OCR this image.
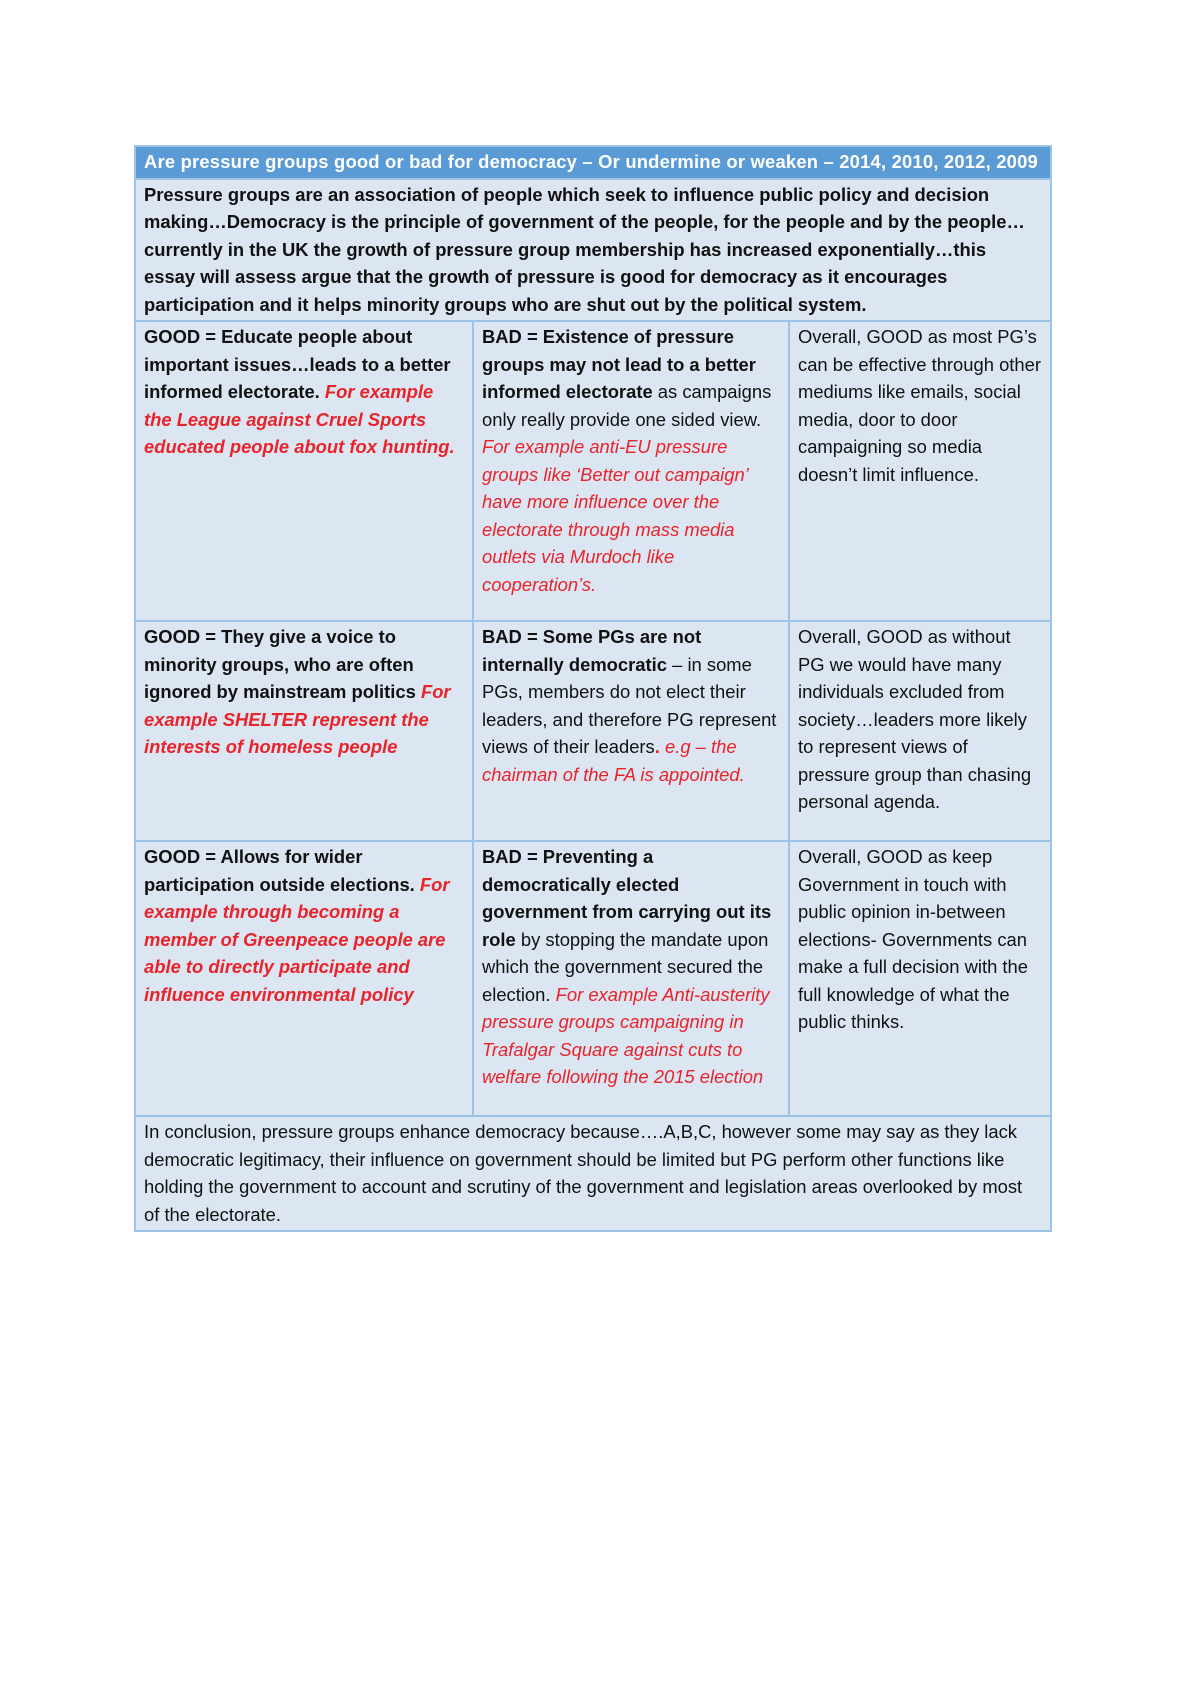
Are pressure groups good or bad for democracy – Or undermine or weaken – 2014, 2010, 2012, 2009		
Pressure groups are an association of people which seek to influence public policy and decision making…Democracy is the principle of government of the people, for the people and by the people…currently in the UK the growth of pressure group membership has increased exponentially…this essay will assess argue that the growth of pressure is good for democracy as it encourages participation and it helps minority groups who are shut out by the political system.		
GOOD = Educate people about important issues…leads to a better informed electorate. For example the League against Cruel Sports educated people about fox hunting.	BAD = Existence of pressure groups may not lead to a better informed electorate as campaigns only really provide one sided view. For example anti-EU pressure groups like ‘Better out campaign’ have more influence over the electorate through mass media outlets via Murdoch like cooperation’s.	Overall, GOOD as most PG’s can be effective through other mediums like emails, social media, door to door campaigning so media doesn’t limit influence.
GOOD = They give a voice to minority groups, who are often ignored by mainstream politics For example SHELTER represent the interests of homeless people	BAD = Some PGs are not internally democratic – in some PGs, members do not elect their leaders, and therefore PG represent views of their leaders. e.g – the chairman of the FA is appointed.	Overall, GOOD as without PG we would have many individuals excluded from society…leaders more likely to represent views of pressure group than chasing personal agenda.
GOOD = Allows for wider participation outside elections. For example through becoming a member of Greenpeace people are able to directly participate and influence environmental policy	BAD = Preventing a democratically elected government from carrying out its role by stopping the mandate upon which the government secured the election. For example Anti-austerity pressure groups campaigning in Trafalgar Square against cuts to welfare following the 2015 election	Overall, GOOD as keep Government in touch with public opinion in-between elections- Governments can make a full decision with the full knowledge of what the public thinks.
In conclusion, pressure groups enhance democracy because….A,B,C, however some may say as they lack democratic legitimacy, their influence on government should be limited but PG perform other functions like holding the government to account and scrutiny of the government and legislation areas overlooked by most of the electorate.		
